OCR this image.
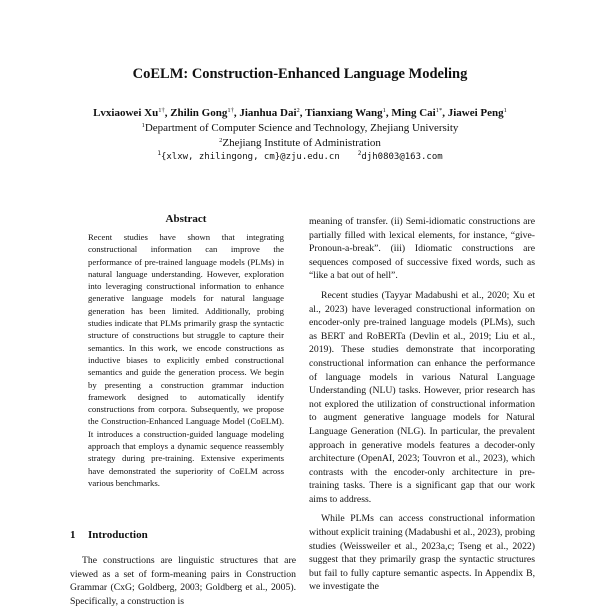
CoELM: Construction-Enhanced Language Modeling
Lvxiaowei $Xu^{1\dagger}$, Zhilin Gong$^{1\dagger}$, Jianhua Dai$^2$, Tianxiang Wang$^1$, Ming Cai$^{1*}$, Jiawei Peng$^1$
$^1$Department of Computer Science and Technology, Zhejiang University
$^2$Zhejiang Institute of Administration
$^1${xlxw, zhilingong, cm}@zju.edu.cn	$^2$djh0803@163.com
Abstract

Recent studies have shown that integrating constructional information can improve the performance of pre-trained language models (PLMs) in natural language understanding. However, exploration into leveraging constructional information to enhance generative language models for natural language generation has been limited. Additionally, probing studies indicate that PLMs primarily grasp the syntactic structure of constructions but struggle to capture their semantics. In this work, we encode constructions as inductive biases to explicitly embed constructional semantics and guide the generation process. We begin by presenting a construction grammar induction framework designed to automatically identify constructions from corpora. Subsequently, we propose the Construction-Enhanced Language Model (CoELM). It introduces a construction-guided language modeling approach that employs a dynamic sequence reassembly strategy during pre-training. Extensive experiments have demonstrated the superiority of CoELM across various benchmarks.

1 Introduction

The constructions are linguistic structures that are viewed as a set of form-meaning pairs in Construction Grammar (CxG; Goldberg, 2003; Goldberg et al., 2005). Specifically, a construction is

meaning of transfer. (ii) Semi-idiomatic constructions are partially filled with lexical elements, for instance, “give-Pronoun-a-break”. (iii) Idiomatic constructions are sequences composed of successive fixed words, such as “like a bat out of hell”.

Recent studies (Tayyar Madabushi et al., 2020; Xu et al., 2023) have leveraged constructional information on encoder-only pre-trained language models (PLMs), such as BERT and RoBERTa (Devlin et al., 2019; Liu et al., 2019). These studies demonstrate that incorporating constructional information can enhance the performance of language models in various Natural Language Understanding (NLU) tasks. However, prior research has not explored the utilization of constructional information to augment generative language models for Natural Language Generation (NLG). In particular, the prevalent approach in generative models features a decoder-only architecture (OpenAI, 2023; Touvron et al., 2023), which contrasts with the encoder-only architecture in pre-training tasks. There is a significant gap that our work aims to address.

While PLMs can access constructional information without explicit training (Madabushi et al., 2023), probing studies (Weissweiler et al., 2023a,c; Tseng et al., 2022) suggest that they primarily grasp the syntactic structures but fail to fully capture semantic aspects. In Appendix B, we investigate the
